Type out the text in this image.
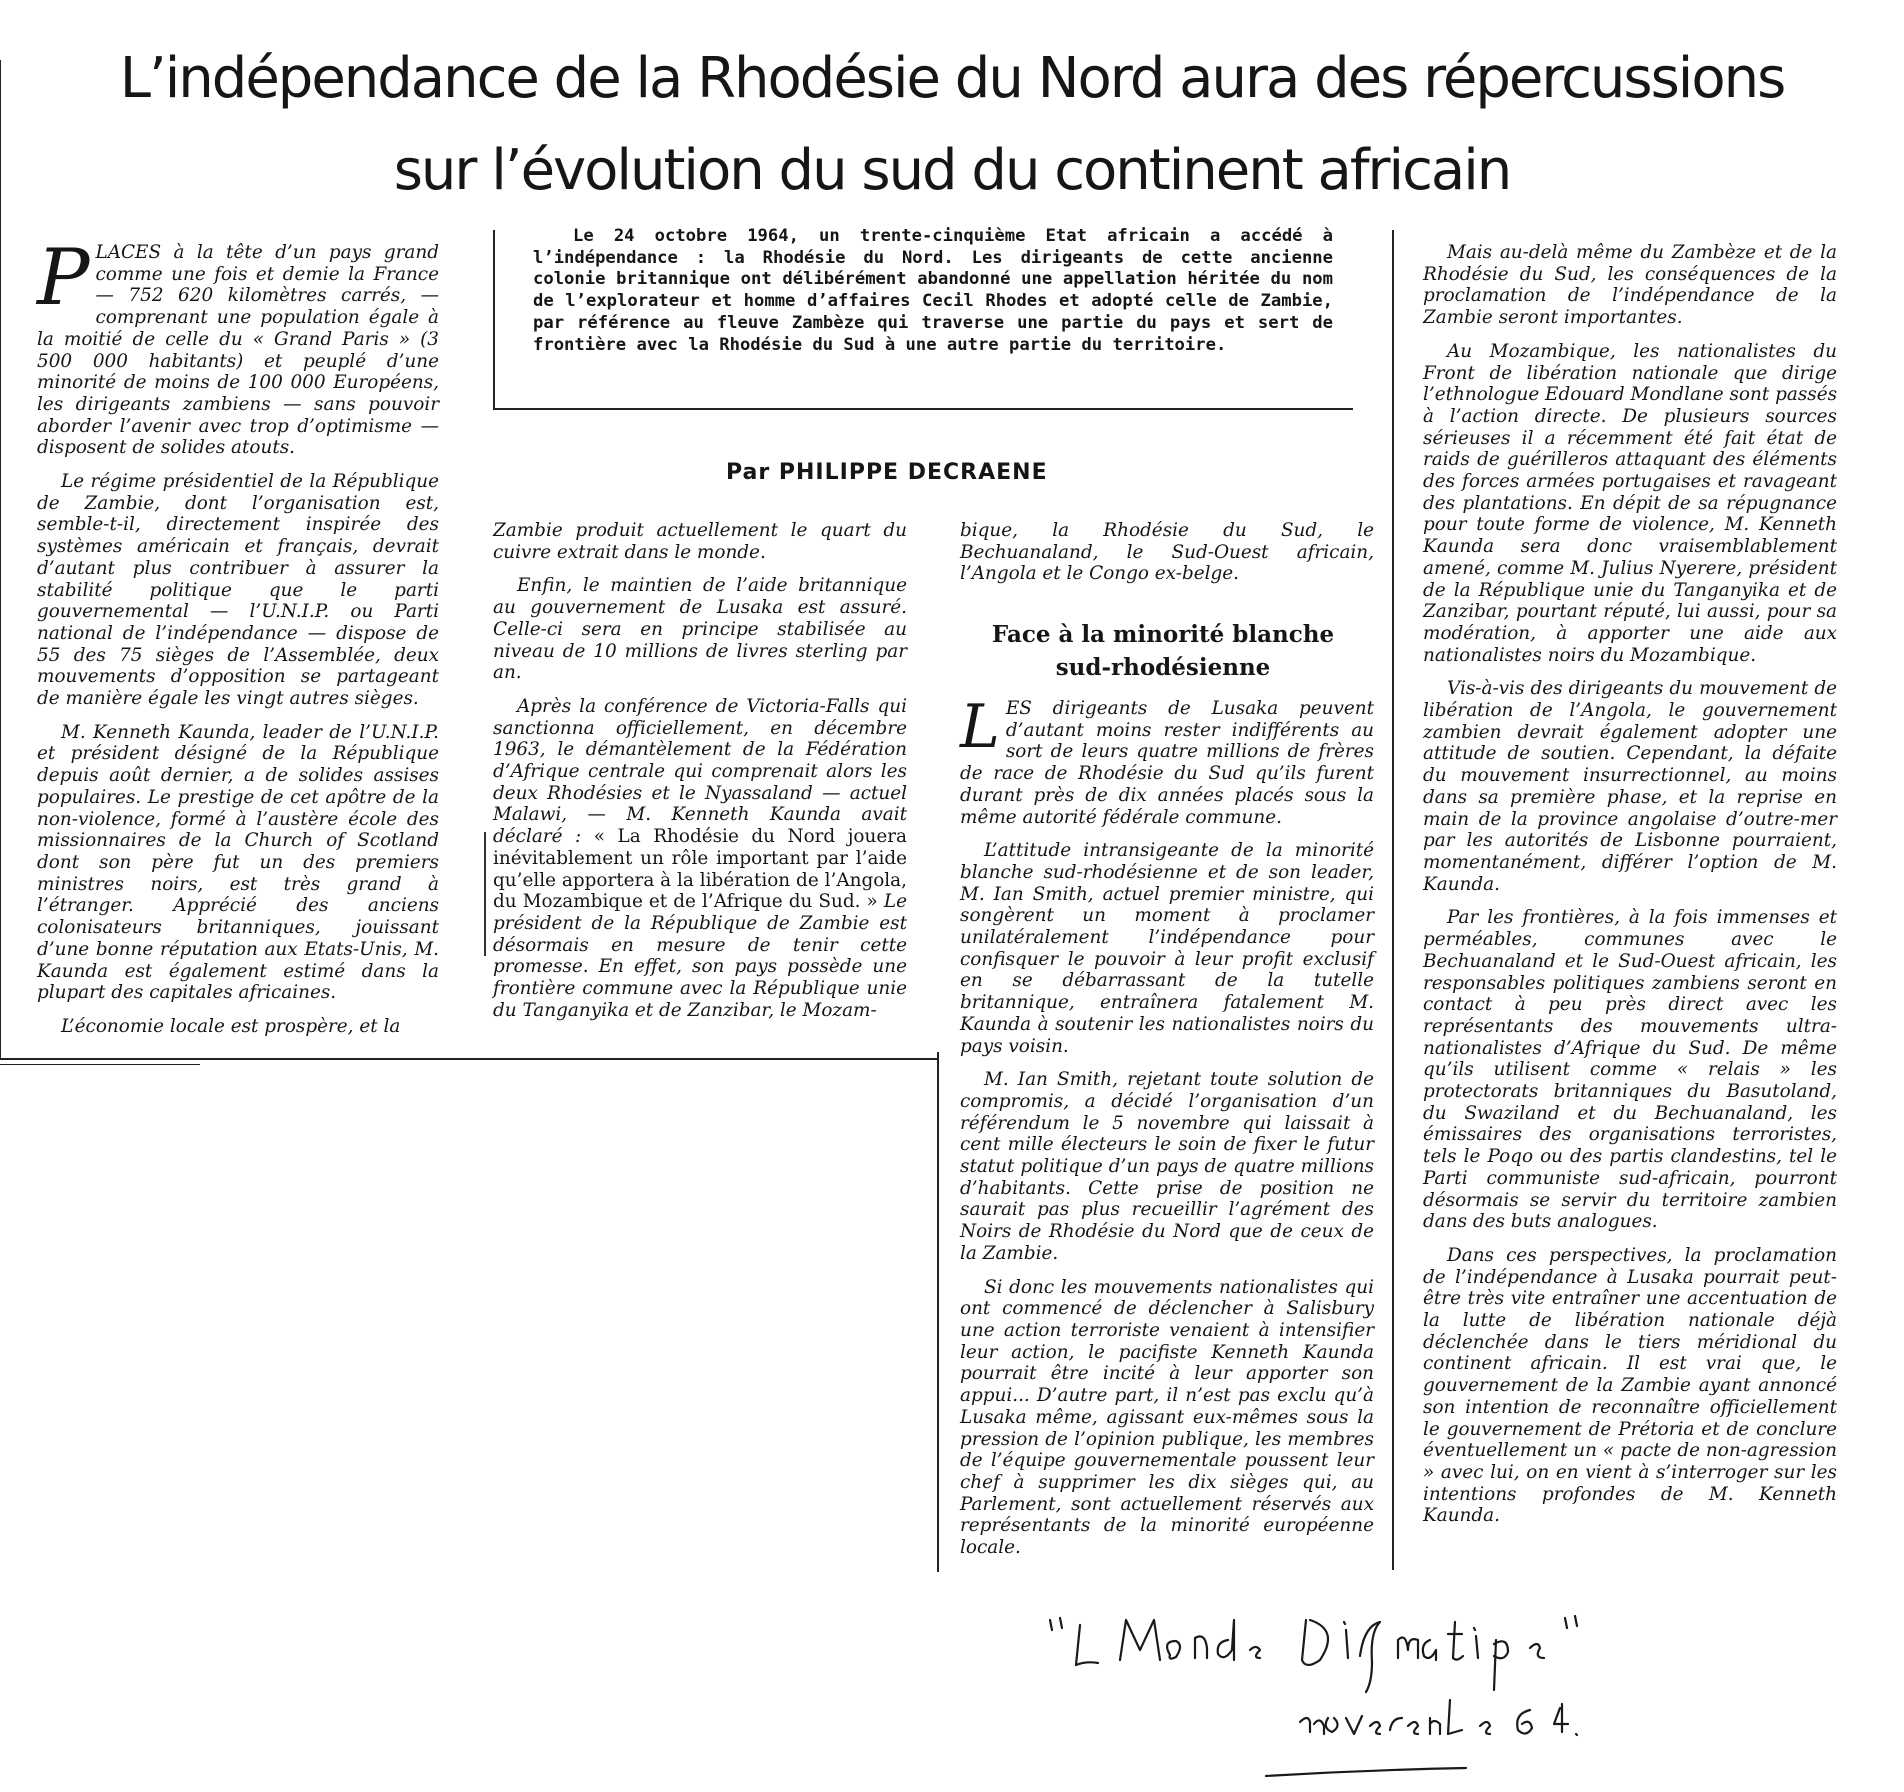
L’indépendance de la Rhodésie du Nord aura des répercussions
sur l’évolution du sud du continent africain

Le 24 octobre 1964, un trente-cinquième Etat africain a accédé à l’indépendance : la Rhodésie du Nord. Les dirigeants de cette ancienne colonie britannique ont délibérément abandonné une appellation héritée du nom de l’explorateur et homme d’affaires Cecil Rhodes et adopté celle de Zambie, par référence au fleuve Zambèze qui traverse une partie du pays et sert de frontière avec la Rhodésie du Sud à une autre partie du territoire.

Par PHILIPPE DECRAENE

PLACES à la tête d’un pays grand comme une fois et demie la France — 752 620 kilomètres carrés, — comprenant une population égale à la moitié de celle du « Grand Paris » (3 500 000 habitants) et peuplé d’une minorité de moins de 100 000 Européens, les dirigeants zambiens — sans pouvoir aborder l’avenir avec trop d’optimisme — disposent de solides atouts.

Le régime présidentiel de la République de Zambie, dont l’organisation est, semble-t-il, directement inspirée des systèmes américain et français, devrait d’autant plus contribuer à assurer la stabilité politique que le parti gouvernemental — l’U.N.I.P. ou Parti national de l’indépendance — dispose de 55 des 75 sièges de l’Assemblée, deux mouvements d’opposition se partageant de manière égale les vingt autres sièges.

M. Kenneth Kaunda, leader de l’U.N.I.P. et président désigné de la République depuis août dernier, a de solides assises populaires. Le prestige de cet apôtre de la non-violence, formé à l’austère école des missionnaires de la Church of Scotland dont son père fut un des premiers ministres noirs, est très grand à l’étranger. Apprécié des anciens colonisateurs britanniques, jouissant d’une bonne réputation aux Etats-Unis, M. Kaunda est également estimé dans la plupart des capitales africaines.

L’économie locale est prospère, et la

Zambie produit actuellement le quart du cuivre extrait dans le monde.

Enfin, le maintien de l’aide britannique au gouvernement de Lusaka est assuré. Celle-ci sera en principe stabilisée au niveau de 10 millions de livres sterling par an.

Après la conférence de Victoria-Falls qui sanctionna officiellement, en décembre 1963, le démantèlement de la Fédération d’Afrique centrale qui comprenait alors les deux Rhodésies et le Nyassaland — actuel Malawi, — M. Kenneth Kaunda avait déclaré : « La Rhodésie du Nord jouera inévitablement un rôle important par l’aide qu’elle apportera à la libération de l’Angola, du Mozambique et de l’Afrique du Sud. » Le président de la République de Zambie est désormais en mesure de tenir cette promesse. En effet, son pays possède une frontière commune avec la République unie du Tanganyika et de Zanzibar, le Mozam-

bique, la Rhodésie du Sud, le Bechuanaland, le Sud-Ouest africain, l’Angola et le Congo ex-belge.

Face à la minorité blanche sud-rhodésienne

LES dirigeants de Lusaka peuvent d’autant moins rester indifférents au sort de leurs quatre millions de frères de race de Rhodésie du Sud qu’ils furent durant près de dix années placés sous la même autorité fédérale commune.

L’attitude intransigeante de la minorité blanche sud-rhodésienne et de son leader, M. Ian Smith, actuel premier ministre, qui songèrent un moment à proclamer unilatéralement l’indépendance pour confisquer le pouvoir à leur profit exclusif en se débarrassant de la tutelle britannique, entraînera fatalement M. Kaunda à soutenir les nationalistes noirs du pays voisin.

M. Ian Smith, rejetant toute solution de compromis, a décidé l’organisation d’un référendum le 5 novembre qui laissait à cent mille électeurs le soin de fixer le futur statut politique d’un pays de quatre millions d’habitants. Cette prise de position ne saurait pas plus recueillir l’agrément des Noirs de Rhodésie du Nord que de ceux de la Zambie.

Si donc les mouvements nationalistes qui ont commencé de déclencher à Salisbury une action terroriste venaient à intensifier leur action, le pacifiste Kenneth Kaunda pourrait être incité à leur apporter son appui... D’autre part, il n’est pas exclu qu’à Lusaka même, agissant eux-mêmes sous la pression de l’opinion publique, les membres de l’équipe gouvernementale poussent leur chef à supprimer les dix sièges qui, au Parlement, sont actuellement réservés aux représentants de la minorité européenne locale.

Mais au-delà même du Zambèze et de la Rhodésie du Sud, les conséquences de la proclamation de l’indépendance de la Zambie seront importantes.

Au Mozambique, les nationalistes du Front de libération nationale que dirige l’ethnologue Edouard Mondlane sont passés à l’action directe. De plusieurs sources sérieuses il a récemment été fait état de raids de guérilleros attaquant des éléments des forces armées portugaises et ravageant des plantations. En dépit de sa répugnance pour toute forme de violence, M. Kenneth Kaunda sera donc vraisemblablement amené, comme M. Julius Nyerere, président de la République unie du Tanganyika et de Zanzibar, pourtant réputé, lui aussi, pour sa modération, à apporter une aide aux nationalistes noirs du Mozambique.

Vis-à-vis des dirigeants du mouvement de libération de l’Angola, le gouvernement zambien devrait également adopter une attitude de soutien. Cependant, la défaite du mouvement insurrectionnel, au moins dans sa première phase, et la reprise en main de la province angolaise d’outre-mer par les autorités de Lisbonne pourraient, momentanément, différer l’option de M. Kaunda.

Par les frontières, à la fois immenses et perméables, communes avec le Bechuanaland et le Sud-Ouest africain, les responsables politiques zambiens seront en contact à peu près direct avec les représentants des mouvements ultra-nationalistes d’Afrique du Sud. De même qu’ils utilisent comme « relais » les protectorats britanniques du Basutoland, du Swaziland et du Bechuanaland, les émissaires des organisations terroristes, tels le Poqo ou des partis clandestins, tel le Parti communiste sud-africain, pourront désormais se servir du territoire zambien dans des buts analogues.

Dans ces perspectives, la proclamation de l’indépendance à Lusaka pourrait peut-être très vite entraîner une accentuation de la lutte de libération nationale déjà déclenchée dans le tiers méridional du continent africain. Il est vrai que, le gouvernement de la Zambie ayant annoncé son intention de reconnaître officiellement le gouvernement de Prétoria et de conclure éventuellement un « pacte de non-agression » avec lui, on en vient à s’interroger sur les intentions profondes de M. Kenneth Kaunda.
